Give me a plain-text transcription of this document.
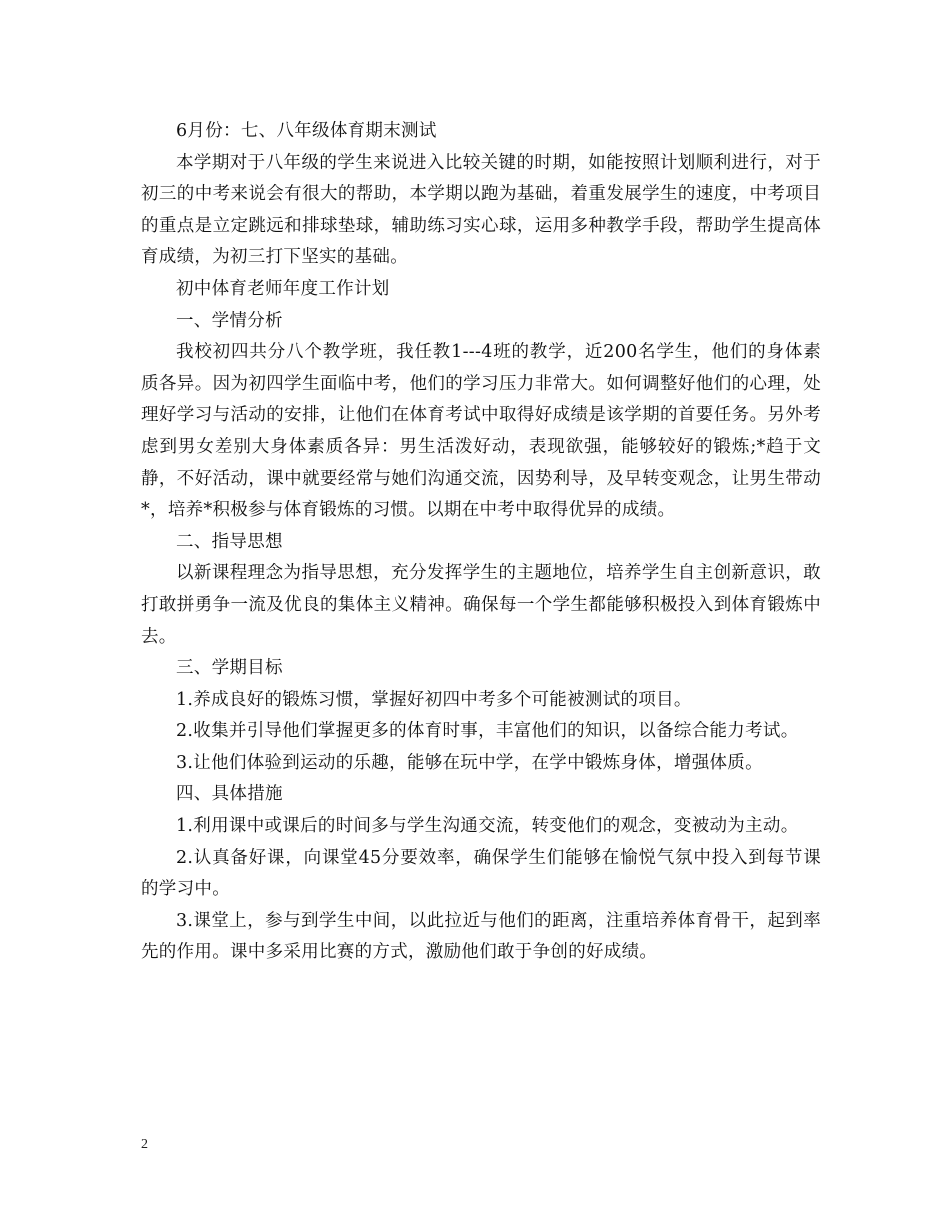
6月份：七、八年级体育期末测试

本学期对于八年级的学生来说进入比较关键的时期，如能按照计划顺利进行，对于初三的中考来说会有很大的帮助，本学期以跑为基础，着重发展学生的速度，中考项目的重点是立定跳远和排球垫球，辅助练习实心球，运用多种教学手段，帮助学生提高体育成绩，为初三打下坚实的基础。

初中体育老师年度工作计划

一、学情分析

我校初四共分八个教学班，我任教1---4班的教学，近200名学生，他们的身体素质各异。因为初四学生面临中考，他们的学习压力非常大。如何调整好他们的心理，处理好学习与活动的安排，让他们在体育考试中取得好成绩是该学期的首要任务。另外考虑到男女差别大身体素质各异：男生活泼好动，表现欲强，能够较好的锻炼;*趋于文静，不好活动，课中就要经常与她们沟通交流，因势利导，及早转变观念，让男生带动*，培养*积极参与体育锻炼的习惯。以期在中考中取得优异的成绩。

二、指导思想

以新课程理念为指导思想，充分发挥学生的主题地位，培养学生自主创新意识，敢打敢拼勇争一流及优良的集体主义精神。确保每一个学生都能够积极投入到体育锻炼中去。

三、学期目标

1.养成良好的锻炼习惯，掌握好初四中考多个可能被测试的项目。

2.收集并引导他们掌握更多的体育时事，丰富他们的知识，以备综合能力考试。

3.让他们体验到运动的乐趣，能够在玩中学，在学中锻炼身体，增强体质。

四、具体措施

1.利用课中或课后的时间多与学生沟通交流，转变他们的观念，变被动为主动。

2.认真备好课，向课堂45分要效率，确保学生们能够在愉悦气氛中投入到每节课的学习中。

3.课堂上，参与到学生中间，以此拉近与他们的距离，注重培养体育骨干，起到率先的作用。课中多采用比赛的方式，激励他们敢于争创的好成绩。

2
